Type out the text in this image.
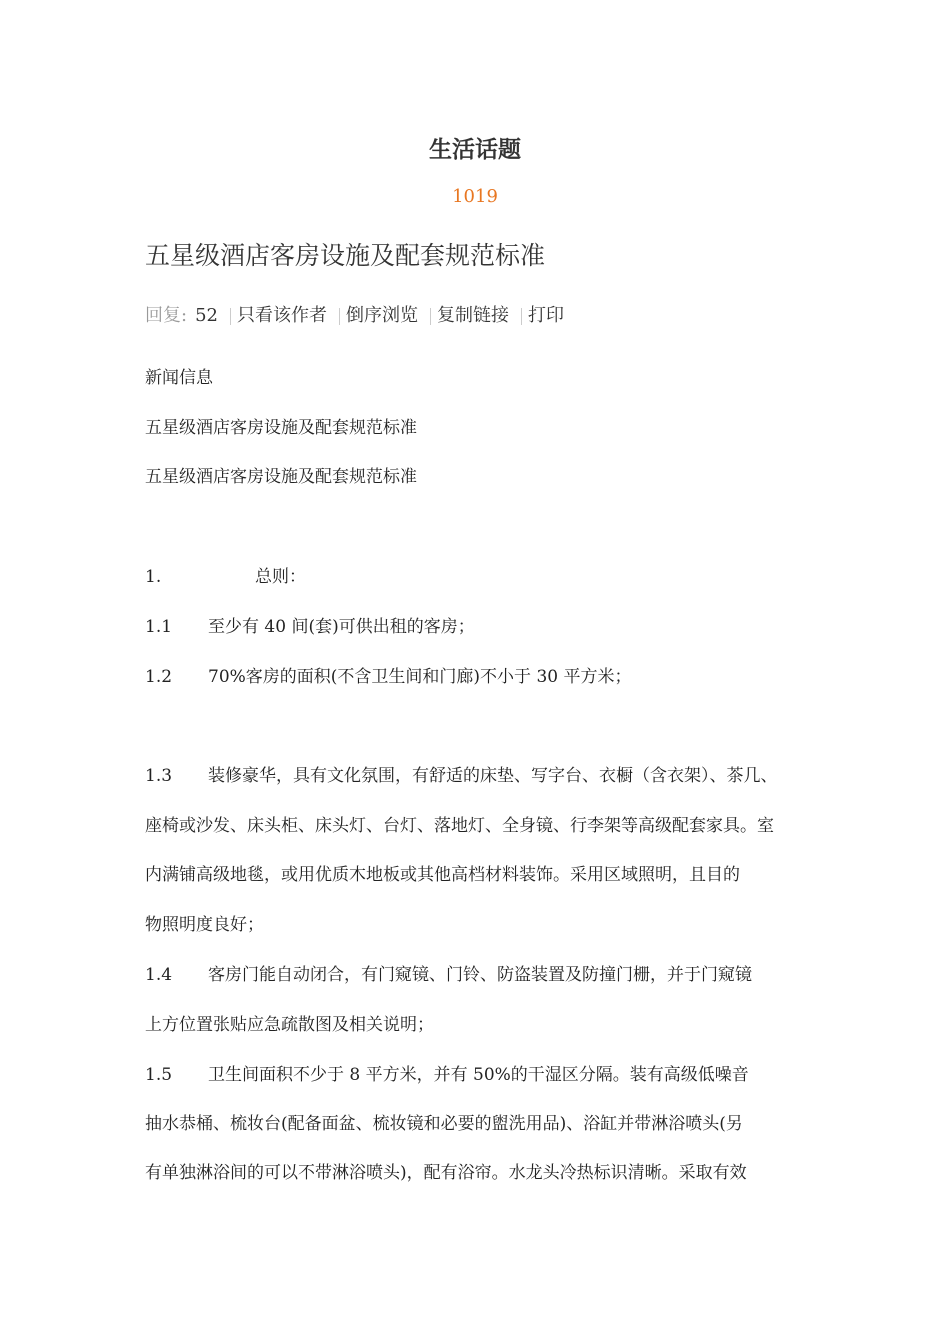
生活话题
1019
五星级酒店客房设施及配套规范标准
回复: 52 只看该作者 倒序浏览 复制链接 打印
新闻信息
五星级酒店客房设施及配套规范标准
五星级酒店客房设施及配套规范标准
1.	总则：
1.1 至少有 40 间(套)可供出租的客房；
1.2 70%客房的面积(不含卫生间和门廊)不小于 30 平方米；
1.3 装修豪华，具有文化氛围，有舒适的床垫、写字台、衣橱（含衣架）、茶几、
座椅或沙发、床头柜、床头灯、台灯、落地灯、全身镜、行李架等高级配套家具。室
内满铺高级地毯，或用优质木地板或其他高档材料装饰。采用区域照明，且目的
物照明度良好；
1.4 客房门能自动闭合，有门窥镜、门铃、防盗装置及防撞门栅，并于门窥镜
上方位置张贴应急疏散图及相关说明；
1.5 卫生间面积不少于 8 平方米，并有 50%的干湿区分隔。装有高级低噪音
抽水恭桶、梳妆台(配备面盆、梳妆镜和必要的盥洗用品)、浴缸并带淋浴喷头(另
有单独淋浴间的可以不带淋浴喷头)，配有浴帘。水龙头冷热标识清晰。采取有效
